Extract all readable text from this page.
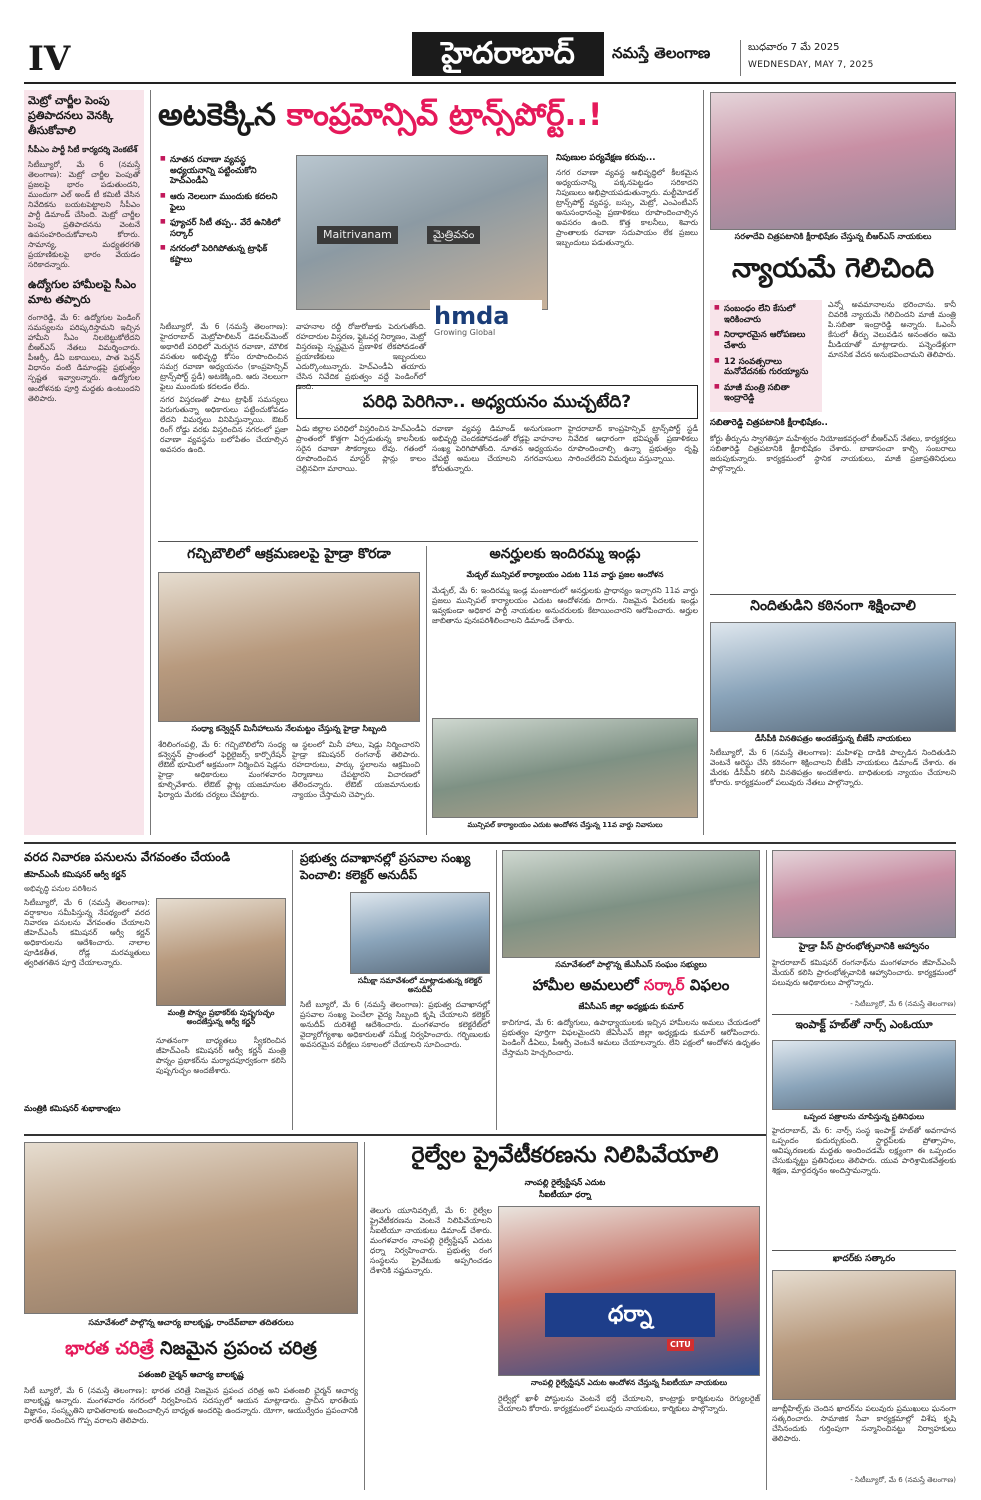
IV	హైదరాబాద్	నమస్తే తెలంగాణ	బుధవారం 7 మే 2025
WEDNESDAY, MAY 7, 2025
మెట్రో చార్జీల పెంపు ప్రతిపాదనలు వెనక్కి తీసుకోవాలి
సీపీఎం పార్టీ సిటీ కార్యదర్శి వెంకటేశ్
సిటీబ్యూరో, మే 6 (నమస్తే తెలంగాణ): మెట్రో చార్జీల పెంపుతో ప్రజలపై భారం పడుతుందని, ముందుగా ఎల్ అండ్ టీ కమిటీ వేసిన నివేదికను బయటపెట్టాలని సీపీఎం పార్టీ డిమాండ్ చేసింది. మెట్రో చార్జీల పెంపు ప్రతిపాదనను వెంటనే ఉపసంహరించుకోవాలని కోరారు. సామాన్య, మధ్యతరగతి ప్రయాణికులపై భారం వేయడం సరికాదన్నారు.
ఉద్యోగుల హామీలపై సీఎం మాట తప్పారు
రంగారెడ్డి, మే 6: ఉద్యోగుల పెండింగ్ సమస్యలను పరిష్కరిస్తామని ఇచ్చిన హామీని సీఎం నిలబెట్టుకోలేదని బీఆర్‌ఎస్ నేతలు విమర్శించారు. పీఆర్సీ, డీఏ బకాయిలు, పాత పెన్షన్ విధానం వంటి డిమాండ్లపై ప్రభుత్వం స్పష్టత ఇవ్వాలన్నారు. ఉద్యోగుల ఆందోళనకు పూర్తి మద్దతు ఉంటుందని తెలిపారు.
అటకెక్కిన కాంప్రహెన్సివ్ ట్రాన్స్‌పోర్ట్..!
■ నూతన రవాణా వ్యవస్థ అధ్యయనాన్ని పట్టించుకోని హెచ్ఎండీఏ
■ ఆరు నెలలుగా ముందుకు కదలని ఫైలు
■ ఫ్యూచర్ సిటీ తప్ప.. వేరే ఉనికిలో సర్కార్
■ నగరంలో పెరిగిపోతున్న ట్రాఫిక్ కష్టాలు
Maitrivanam	మైత్రివనం
hmda
Growing Global

సిటీబ్యూరో, మే 6 (నమస్తే తెలంగాణ): హైదరాబాద్ మెట్రోపాలిటన్ డెవలప్‌మెంట్ అథారిటీ పరిధిలో మెరుగైన రవాణా, మౌలిక వసతుల అభివృద్ధి కోసం రూపొందించిన సమగ్ర రవాణా అధ్యయనం (కాంప్రహెన్సివ్ ట్రాన్స్‌పోర్ట్ స్టడీ) అటకెక్కింది. ఆరు నెలలుగా ఫైలు ముందుకు కదలడం లేదు.

నగర విస్తరణతో పాటు ట్రాఫిక్ సమస్యలు పెరుగుతున్నా అధికారులు పట్టించుకోవడం లేదని విమర్శలు వినిపిస్తున్నాయి. ఔటర్ రింగ్ రోడ్డు వరకు విస్తరించిన నగరంలో ప్రజా రవాణా వ్యవస్థను బలోపేతం చేయాల్సిన అవసరం ఉంది.

వాహనాల రద్దీ రోజురోజుకు పెరుగుతోంది. రహదారుల విస్తరణ, ఫ్లైఓవర్ల నిర్మాణం, మెట్రో విస్తరణపై స్పష్టమైన ప్రణాళిక లేకపోవడంతో ప్రయాణికులు ఇబ్బందులు ఎదుర్కొంటున్నారు. హెచ్ఎండీఏ తయారు చేసిన నివేదిక ప్రభుత్వం వద్దే పెండింగ్‌లో ఉంది.
నిపుణుల పర్యవేక్షణ కరువు...
నగర రవాణా వ్యవస్థ అభివృద్ధిలో కీలకమైన అధ్యయనాన్ని పక్కనపెట్టడం సరికాదని నిపుణులు అభిప్రాయపడుతున్నారు. మల్టీమోడల్ ట్రాన్స్‌పోర్ట్ వ్యవస్థ, బస్సు, మెట్రో, ఎంఎంటీఎస్ అనుసంధానంపై ప్రణాళికలు రూపొందించాల్సిన అవసరం ఉంది. కొత్త కాలనీలు, శివారు ప్రాంతాలకు రవాణా సదుపాయం లేక ప్రజలు ఇబ్బందులు పడుతున్నారు.
పరిధి పెరిగినా.. అధ్యయనం ముచ్చటేది?
ఏడు జిల్లాల పరిధిలో విస్తరించిన హెచ్ఎండీఏ ప్రాంతంలో కొత్తగా ఏర్పడుతున్న కాలనీలకు సరైన రవాణా సౌకర్యాలు లేవు. గతంలో రూపొందించిన మాస్టర్ ప్లాన్లు కాలం చెల్లినవిగా మారాయి.
రవాణా వ్యవస్థ డిమాండ్ అనుగుణంగా అభివృద్ధి చెందకపోవడంతో రోడ్లపై వాహనాల సంఖ్య పెరిగిపోతోంది. నూతన అధ్యయనం చేపట్టి అమలు చేయాలని నగరవాసులు కోరుతున్నారు.
హైదరాబాద్ కాంప్రహెన్సివ్ ట్రాన్స్‌పోర్ట్ స్టడీ నివేదిక ఆధారంగా భవిష్యత్ ప్రణాళికలు రూపొందించాల్సి ఉన్నా ప్రభుత్వం దృష్టి సారించలేదని విమర్శలు వస్తున్నాయి.
సరళాదేవి చిత్రపటానికి క్షీరాభిషేకం చేస్తున్న బీఆర్‌ఎస్ నాయకులు
న్యాయమే గెలిచింది
■ సంబంధం లేని కేసులో ఇరికించారు
■ నిరాధారమైన ఆరోపణలు చేశారు
■ 12 సంవత్సరాలు మనోవేదనకు గురయ్యాను
■ మాజీ మంత్రి సబితా ఇంద్రారెడ్డి
ఎన్నో అవమానాలను భరించాను. కానీ చివరికి న్యాయమే గెలిచిందని మాజీ మంత్రి పి.సబితా ఇంద్రారెడ్డి అన్నారు. ఓఎంసీ కేసులో తీర్పు వెలువడిన అనంతరం ఆమె మీడియాతో మాట్లాడారు. పన్నెండేళ్లుగా మానసిక వేదన అనుభవించామని తెలిపారు.
సబితారెడ్డి చిత్రపటానికి క్షీరాభిషేకం..
కోర్టు తీర్పును స్వాగతిస్తూ మహేశ్వరం నియోజకవర్గంలో బీఆర్‌ఎస్ నేతలు, కార్యకర్తలు సబితారెడ్డి చిత్రపటానికి క్షీరాభిషేకం చేశారు. బాణాసంచా కాల్చి సంబరాలు జరుపుకున్నారు. కార్యక్రమంలో స్థానిక నాయకులు, మాజీ ప్రజాప్రతినిధులు పాల్గొన్నారు.
నిందితుడిని కఠినంగా శిక్షించాలి
డీసీపీకి వినతిపత్రం అందజేస్తున్న బీజేపీ నాయకులు
సిటీబ్యూరో, మే 6 (నమస్తే తెలంగాణ): మహిళపై దాడికి పాల్పడిన నిందితుడిని వెంటనే అరెస్టు చేసి కఠినంగా శిక్షించాలని బీజేపీ నాయకులు డిమాండ్ చేశారు. ఈ మేరకు డీసీపీని కలిసి వినతిపత్రం అందజేశారు. బాధితులకు న్యాయం చేయాలని కోరారు. కార్యక్రమంలో పలువురు నేతలు పాల్గొన్నారు.
గచ్చిబౌలిలో ఆక్రమణలపై హైడ్రా కొరడా
సంధ్యా కన్వెన్షన్ మినీహాలును నేలమట్టం చేస్తున్న హైడ్రా సిబ్బంది
శేరిలింగంపల్లి, మే 6: గచ్చిబౌలిలోని సంధ్య కన్వెన్షన్ ప్రాంతంలో ఫెర్టిలైజర్స్ కార్పొరేషన్ లేఔట్ భూమిలో అక్రమంగా నిర్మించిన షెడ్లను హైడ్రా అధికారులు మంగళవారం కూల్చివేశారు. లేఔట్ ప్లాట్ల యజమానుల ఫిర్యాదు మేరకు చర్యలు చేపట్టారు.
ఆ స్థలంలో మినీ హాలు, షెడ్లు నిర్మించారని హైడ్రా కమిషనర్ రంగనాథ్ తెలిపారు. రహదారులు, పార్కు స్థలాలను ఆక్రమించి నిర్మాణాలు చేపట్టారని విచారణలో తేలిందన్నారు. లేఔట్ యజమానులకు న్యాయం చేస్తామని చెప్పారు.
అనర్హులకు ఇందిరమ్మ ఇండ్లు
మేడ్చల్ మున్సిపల్ కార్యాలయం ఎదుట 11వ వార్డు ప్రజల ఆందోళన
మేడ్చల్, మే 6: ఇందిరమ్మ ఇండ్ల మంజూరులో అనర్హులకు ప్రాధాన్యం ఇచ్చారని 11వ వార్డు ప్రజలు మున్సిపల్ కార్యాలయం ఎదుట ఆందోళనకు దిగారు. నిజమైన పేదలకు ఇండ్లు ఇవ్వకుండా అధికార పార్టీ నాయకుల అనుచరులకు కేటాయించారని ఆరోపించారు. అర్హుల జాబితాను పునఃపరిశీలించాలని డిమాండ్ చేశారు.
మున్సిపల్ కార్యాలయం ఎదుట ఆందోళన చేస్తున్న 11వ వార్డు నివాసులు
వరద నివారణ పనులను వేగవంతం చేయండి
జీహెచ్ఎంసీ కమిషనర్ ఆర్వీ కర్ణన్
అభివృద్ధి పనుల పరిశీలన
సిటీబ్యూరో, మే 6 (నమస్తే తెలంగాణ): వర్షాకాలం సమీపిస్తున్న నేపథ్యంలో వరద నివారణ పనులను వేగవంతం చేయాలని జీహెచ్ఎంసీ కమిషనర్ ఆర్వీ కర్ణన్ అధికారులను ఆదేశించారు. నాలాల పూడికతీత, రోడ్ల మరమ్మతులు త్వరితగతిన పూర్తి చేయాలన్నారు.
మంత్రి పొన్నం ప్రభాకర్‌కు పుష్పగుచ్ఛం అందజేస్తున్న ఆర్వీ కర్ణన్
మంత్రికి కమిషనర్ శుభాకాంక్షలు
నూతనంగా బాధ్యతలు స్వీకరించిన జీహెచ్ఎంసీ కమిషనర్ ఆర్వీ కర్ణన్ మంత్రి పొన్నం ప్రభాకర్‌ను మర్యాదపూర్వకంగా కలిసి పుష్పగుచ్ఛం అందజేశారు.
ప్రభుత్వ దవాఖానల్లో ప్రసవాల సంఖ్య పెంచాలి: కలెక్టర్ అనుదీప్
సమీక్షా సమావేశంలో మాట్లాడుతున్న కలెక్టర్ అనుదీప్
సిటీ బ్యూరో, మే 6 (నమస్తే తెలంగాణ): ప్రభుత్వ దవాఖానల్లో ప్రసవాల సంఖ్య పెంచేలా వైద్య సిబ్బంది కృషి చేయాలని కలెక్టర్ అనుదీప్ దురిశెట్టి ఆదేశించారు. మంగళవారం కలెక్టరేట్‌లో వైద్యారోగ్యశాఖ అధికారులతో సమీక్ష నిర్వహించారు. గర్భిణులకు అవసరమైన పరీక్షలు సకాలంలో చేయాలని సూచించారు.
సమావేశంలో పాల్గొన్న జేఎసీఎస్ సంఘం సభ్యులు
హామీల అమలులో సర్కార్ విఫలం
జేఏసీఎస్ జిల్లా అధ్యక్షుడు కుమార్
కాచిగూడ, మే 6: ఉద్యోగులు, ఉపాధ్యాయులకు ఇచ్చిన హామీలను అమలు చేయడంలో ప్రభుత్వం పూర్తిగా విఫలమైందని జేఏసీఎస్ జిల్లా అధ్యక్షుడు కుమార్ ఆరోపించారు. పెండింగ్ డీఏలు, పీఆర్సీ వెంటనే అమలు చేయాలన్నారు. లేని పక్షంలో ఆందోళన ఉధృతం చేస్తామని హెచ్చరించారు.
హైడ్రా పీస్ ప్రారంభోత్సవానికి ఆహ్వానం
హైదరాబాద్ కమిషనర్ రంగనాథ్‌ను మంగళవారం జీహెచ్ఎంసీ మేయర్ కలిసి ప్రారంభోత్సవానికి ఆహ్వానించారు. కార్యక్రమంలో పలువురు అధికారులు పాల్గొన్నారు.
- సిటీబ్యూరో, మే 6 (నమస్తే తెలంగాణ)
ఇంపాక్ట్ హబ్‌తో నార్స్ ఎంఓయూ
ఒప్పంద పత్రాలను చూపిస్తున్న ప్రతినిధులు
హైదరాబాద్, మే 6: నార్స్ సంస్థ ఇంపాక్ట్ హబ్‌తో అవగాహన ఒప్పందం కుదుర్చుకుంది. స్టార్టప్‌లకు ప్రోత్సాహం, ఆవిష్కరణలకు మద్దతు అందించడమే లక్ష్యంగా ఈ ఒప్పందం చేసుకున్నట్టు ప్రతినిధులు తెలిపారు. యువ పారిశ్రామికవేత్తలకు శిక్షణ, మార్గదర్శనం అందిస్తామన్నారు.
ఖాదర్‌కు సత్కారం
జూబ్లీహిల్స్‌కు చెందిన ఖాదర్‌ను పలువురు ప్రముఖులు ఘనంగా సత్కరించారు. సామాజిక సేవా కార్యక్రమాల్లో విశేష కృషి చేసినందుకు గుర్తింపుగా సన్మానించినట్టు నిర్వాహకులు తెలిపారు.
- సిటీబ్యూరో, మే 6 (నమస్తే తెలంగాణ)
సమావేశంలో పాల్గొన్న ఆచార్య బాలకృష్ణ, రాందేవ్‌బాబా తదితరులు
భారత చరిత్రే నిజమైన ప్రపంచ చరిత్ర
పతంజలి చైర్మన్ ఆచార్య బాలకృష్ణ
సిటీ బ్యూరో, మే 6 (నమస్తే తెలంగాణ): భారత చరిత్రే నిజమైన ప్రపంచ చరిత్ర అని పతంజలి చైర్మన్ ఆచార్య బాలకృష్ణ అన్నారు. మంగళవారం నగరంలో నిర్వహించిన సదస్సులో ఆయన మాట్లాడారు. ప్రాచీన భారతీయ విజ్ఞానం, సంస్కృతిని భావితరాలకు అందించాల్సిన బాధ్యత అందరిపై ఉందన్నారు. యోగా, ఆయుర్వేదం ప్రపంచానికి భారత్ అందించిన గొప్ప వరాలని తెలిపారు.
రైల్వేల ప్రైవేటీకరణను నిలిపివేయాలి
నాంపల్లి రైల్వేస్టేషన్ ఎదుట
సీఐటీయూ ధర్నా
తెలుగు యూనివర్సిటీ, మే 6: రైల్వేల ప్రైవేటీకరణను వెంటనే నిలిపివేయాలని సీఐటీయూ నాయకులు డిమాండ్ చేశారు. మంగళవారం నాంపల్లి రైల్వేస్టేషన్ ఎదుట ధర్నా నిర్వహించారు. ప్రభుత్వ రంగ సంస్థలను ప్రైవేటుకు అప్పగించడం దేశానికి నష్టమన్నారు.
ధర్నా
CITU
నాంపల్లి రైల్వేస్టేషన్ ఎదుట ఆందోళన చేస్తున్న సీఐటీయూ నాయకులు
రైల్వేల్లో ఖాళీ పోస్టులను వెంటనే భర్తీ చేయాలని, కాంట్రాక్టు కార్మికులను రెగ్యులరైజ్ చేయాలని కోరారు. కార్యక్రమంలో పలువురు నాయకులు, కార్మికులు పాల్గొన్నారు.
